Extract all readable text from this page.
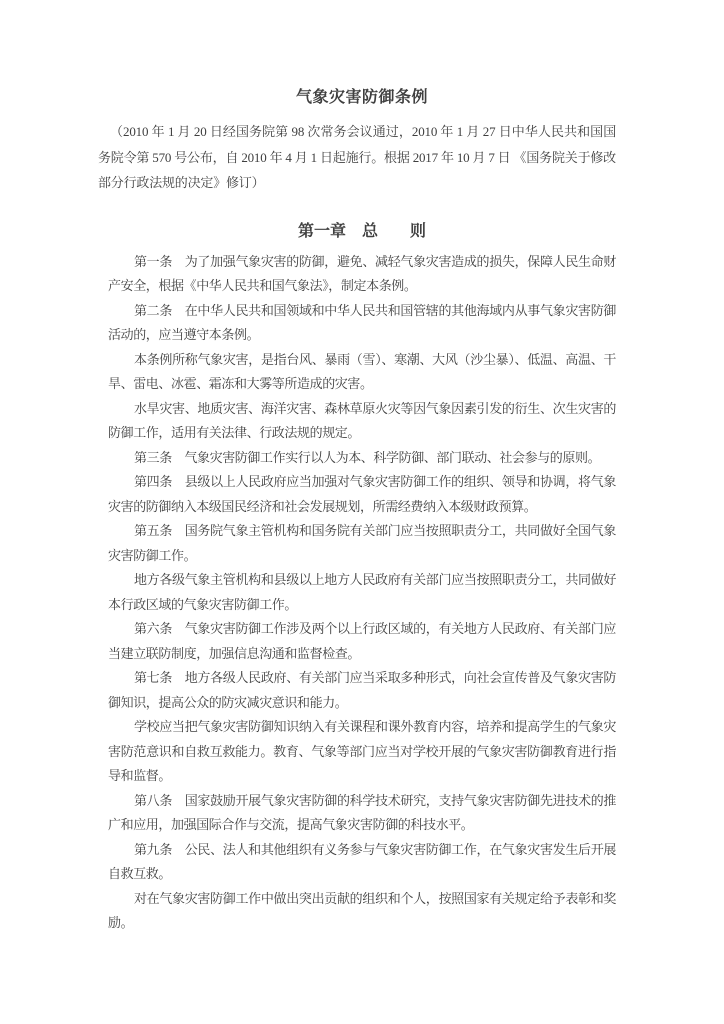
气象灾害防御条例

（2010 年 1 月 20 日经国务院第 98 次常务会议通过，2010 年 1 月 27 日中华人民共和国国务院令第 570 号公布，自 2010 年 4 月 1 日起施行。根据 2017 年 10 月 7 日 《国务院关于修改部分行政法规的决定》修订）

第一章　总　　则

第一条　为了加强气象灾害的防御，避免、减轻气象灾害造成的损失，保障人民生命财产安全，根据《中华人民共和国气象法》，制定本条例。

第二条　在中华人民共和国领域和中华人民共和国管辖的其他海域内从事气象灾害防御活动的，应当遵守本条例。

本条例所称气象灾害，是指台风、暴雨（雪）、寒潮、大风（沙尘暴）、低温、高温、干旱、雷电、冰雹、霜冻和大雾等所造成的灾害。

水旱灾害、地质灾害、海洋灾害、森林草原火灾等因气象因素引发的衍生、次生灾害的防御工作，适用有关法律、行政法规的规定。

第三条　气象灾害防御工作实行以人为本、科学防御、部门联动、社会参与的原则。

第四条　县级以上人民政府应当加强对气象灾害防御工作的组织、领导和协调，将气象灾害的防御纳入本级国民经济和社会发展规划，所需经费纳入本级财政预算。

第五条　国务院气象主管机构和国务院有关部门应当按照职责分工，共同做好全国气象灾害防御工作。

地方各级气象主管机构和县级以上地方人民政府有关部门应当按照职责分工，共同做好本行政区域的气象灾害防御工作。

第六条　气象灾害防御工作涉及两个以上行政区域的，有关地方人民政府、有关部门应当建立联防制度，加强信息沟通和监督检查。

第七条　地方各级人民政府、有关部门应当采取多种形式，向社会宣传普及气象灾害防御知识，提高公众的防灾减灾意识和能力。

学校应当把气象灾害防御知识纳入有关课程和课外教育内容，培养和提高学生的气象灾害防范意识和自救互救能力。教育、气象等部门应当对学校开展的气象灾害防御教育进行指导和监督。

第八条　国家鼓励开展气象灾害防御的科学技术研究，支持气象灾害防御先进技术的推广和应用，加强国际合作与交流，提高气象灾害防御的科技水平。

第九条　公民、法人和其他组织有义务参与气象灾害防御工作，在气象灾害发生后开展自救互救。

对在气象灾害防御工作中做出突出贡献的组织和个人，按照国家有关规定给予表彰和奖励。
